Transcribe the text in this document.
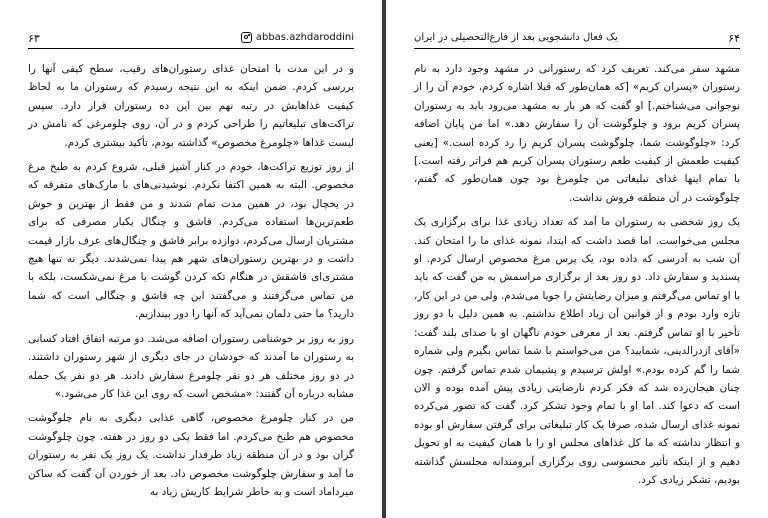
۶۳	abbas.azhdaroddini

و در این مدت با امتحان غذای رستوران‌های رقیب، سطح کیفی آنها را بررسی کردم. ضمن اینکه به این نتیجه رسیدم که رستوران ما به لحاظ کیفیت غذاهایش در رتبه نهم بین این ده رستوران قرار دارد. سپس تراکت‌های تبلیغاتیم را طراحی کردم و در آن، روی چلومرغی که نامش در لیست غذاها «چلومرغ مخصوص» گذاشته بودم، تأکید بیشتری کردم.

از روز توزیع تراکت‌ها، خودم در کنار آشپز قبلی، شروع کردم به طبخ مرغ مخصوص. البته به همین اکتفا نکردم. نوشیدنی‌های با مارک‌های متفرقه که در یخچال بود، در همین مدت تمام شدند و من فقط از بهترین و خوش طعم‌ترین‌ها استفاده می‌کردم. قاشق و چنگال یکبار مصرفی که برای مشتریان ارسال می‌کردم، دوازده برابر قاشق و چنگال‌های عرف بازار قیمت داشت و در بهترین رستوران‌های شهر هم پیدا نمی‌شدند. دیگر نه تنها هیچ مشتری‌ای قاشقش در هنگام تکه کردن گوشت یا مرغ نمی‌شکست، بلکه با من تماس می‌گرفتند و می‌گفتند این چه قاشق و چنگالی است که شما دارید؟ ما حتی دلمان نمی‌آید که آنها را دور بیندازیم.

روز به روز بر خوشنامی رستوران اضافه می‌شد. دو مرتبه اتفاق افتاد کسانی به رستوران ما آمدند که خودشان در جای دیگری از شهر رستوران داشتند. در دو روز مختلف هر دو نفر چلومرغ سفارش دادند. هر دو نفر یک جمله مشابه درباره آن گفتند: «مشخص است که روی این غذا کار می‌شود.»

من در کنار چلومرغ مخصوص، گاهی غذایی دیگری به نام چلوگوشت مخصوص هم طبخ می‌کردم. اما فقط یکی دو روز در هفته. چون چلوگوشت گران بود و در آن منطقه زیاد طرفدار نداشت. یک روز یک نفر به رستوران ما آمد و سفارش چلوگوشت مخصوص داد. بعد از خوردن آن گفت که ساکن میرداماد است و به خاطر شرایط کاریش زیاد به

یک فعال دانشجویی بعد از فارغ‌التحصیلی در ایران	۶۴

مشهد سفر می‌کند. تعریف کرد که رستورانی در مشهد وجود دارد به نام رستوران «پسران کریم» [که همان‌طور که قبلا اشاره کردم، خودم آن را از نوجوانی می‌شناختم.] او گفت که هر بار به مشهد می‌رود باید به رستوران پسران کریم برود و چلوگوشت آن را سفارش دهد.» اما من پایان اضافه کرد: «چلوگوشت شما، چلوگوشت پسران کریم را رد کرده است.» [یعنی کیفیت طعمش از کیفیت طعم رستوران پسران کریم هم فراتر رفته است.] با تمام اینها غذای تبلیغاتی من چلومرغ بود چون همان‌طور که گفتم، چلوگوشت در آن منطقه فروش نداشت.

یک روز شخصی به رستوران ما آمد که تعداد زیادی غذا برای برگزاری یک مجلس می‌خواست. اما قصد داشت که ابتدا، نمونه غذای ما را امتحان کند. آن شب به آدرسی که داده بود، یک پرس مرغ مخصوص ارسال کردم. او پسندید و سفارش داد. دو روز بعد از برگزاری مراسمش به من گفت که باید با او تماس می‌گرفتم و میزان رضایتش را جویا می‌شدم. ولی من در این کار، تازه وارد بودم و از قوانین آن زیاد اطلاع نداشتم. به همین دلیل با دو روز تأخیر با او تماس گرفتم. بعد از معرفی خودم ناگهان او با صدای بلند گفت: «آقای ازدرالدینی، شمایید؟ من می‌خواستم با شما تماس بگیرم ولی شماره شما را گم کرده بودم.» اولش ترسیدم و پشیمان شدم تماس گرفتم. چون چنان هیجان‌زده شد که فکر کردم نارضایتی زیادی پیش آمده بوده و الان است که دعوا کند. اما او با تمام وجود تشکر کرد. گفت که تصور می‌کرده نمونه غذای ارسال شده، صرفا یک کار تبلیغاتی برای گرفتن سفارش او بوده و انتظار نداشته که ما کل غذاهای مجلس او را با همان کیفیت به او تحویل دهیم و از اینکه تأثیر محسوسی روی برگزاری آبرومندانه مجلسش گذاشته بودیم، تشکر زیادی کرد.
